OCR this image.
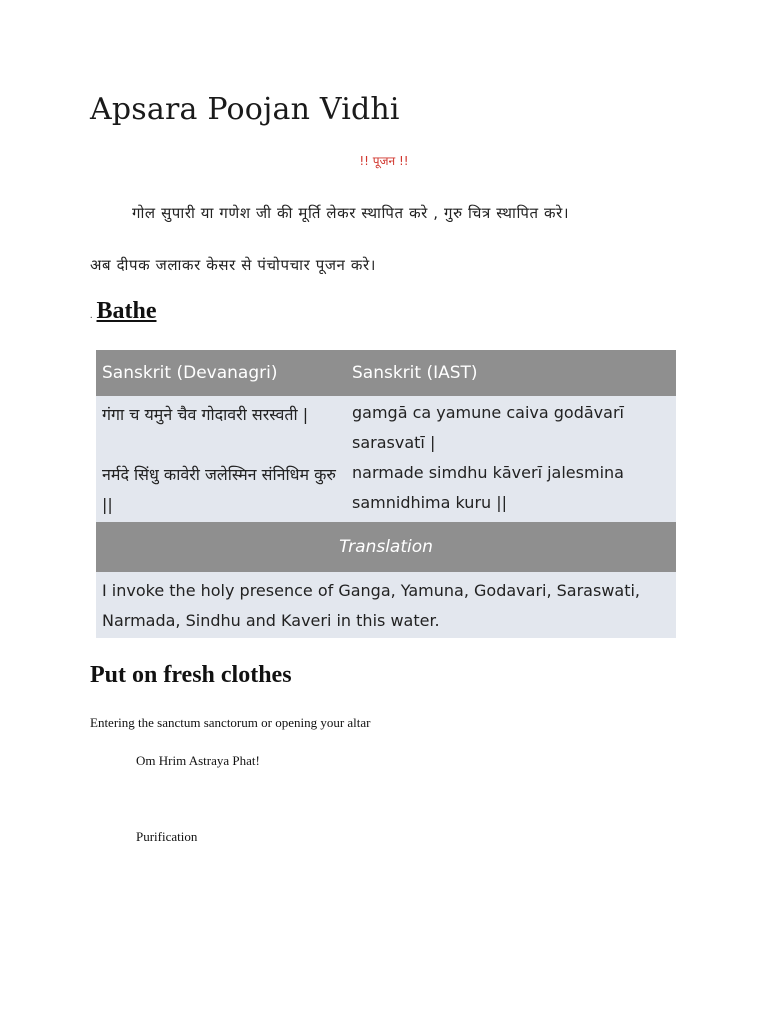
Apsara Poojan Vidhi
!! पूजन !!
गोल सुपारी या गणेश जी की मूर्ति लेकर स्थापित करे , गुरु चित्र स्थापित करे।
अब दीपक जलाकर केसर से पंचोपचार पूजन करे।
. Bathe
Sanskrit (Devanagri)	Sanskrit (IAST)
गंगा च यमुने चैव गोदावरी सरस्वती |	gamgā ca yamune caiva godāvarī sarasvatī |
नर्मदे सिंधु कावेरी जलेस्मिन संनिधिम कुरु ||
narmade simdhu kāverī jalesmina samnidhima kuru ||
Translation
I invoke the holy presence of Ganga, Yamuna, Godavari, Saraswati, Narmada, Sindhu and Kaveri in this water.
Put on fresh clothes
Entering the sanctum sanctorum or opening your altar
Om Hrim Astraya Phat!
Purification
